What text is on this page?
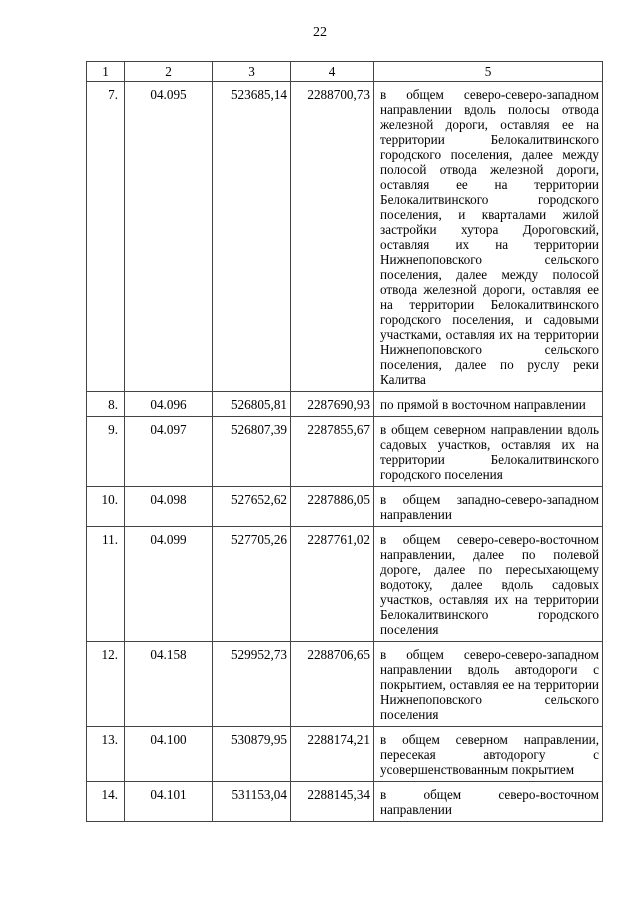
22
1	2	3	4	5
7.	04.095	523685,14	2288700,73	в общем северо-северо-западном направлении вдоль полосы отвода железной дороги, оставляя ее на территории Белокалитвинского городского поселения, далее между полосой отвода железной дороги, оставляя ее на территории Белокалитвинского городского поселения, и кварталами жилой застройки хутора Дороговский, оставляя их на территории Нижнепоповского сельского поселения, далее между полосой отвода железной дороги, оставляя ее на территории Белокалитвинского городского поселения, и садовыми участками, оставляя их на территории Нижнепоповского сельского поселения, далее по руслу реки Калитва
8.	04.096	526805,81	2287690,93	по прямой в восточном направлении
9.	04.097	526807,39	2287855,67	в общем северном направлении вдоль садовых участков, оставляя их на территории Белокалитвинского городского поселения
10.	04.098	527652,62	2287886,05	в общем западно-северо-западном направлении
11.	04.099	527705,26	2287761,02	в общем северо-северо-восточном направлении, далее по полевой дороге, далее по пересыхающему водотоку, далее вдоль садовых участков, оставляя их на территории Белокалитвинского городского поселения
12.	04.158	529952,73	2288706,65	в общем северо-северо-западном направлении вдоль автодороги с покрытием, оставляя ее на территории Нижнепоповского сельского поселения
13.	04.100	530879,95	2288174,21	в общем северном направлении, пересекая автодорогу с усовершенствованным покрытием
14.	04.101	531153,04	2288145,34	в общем северо-восточном направлении
